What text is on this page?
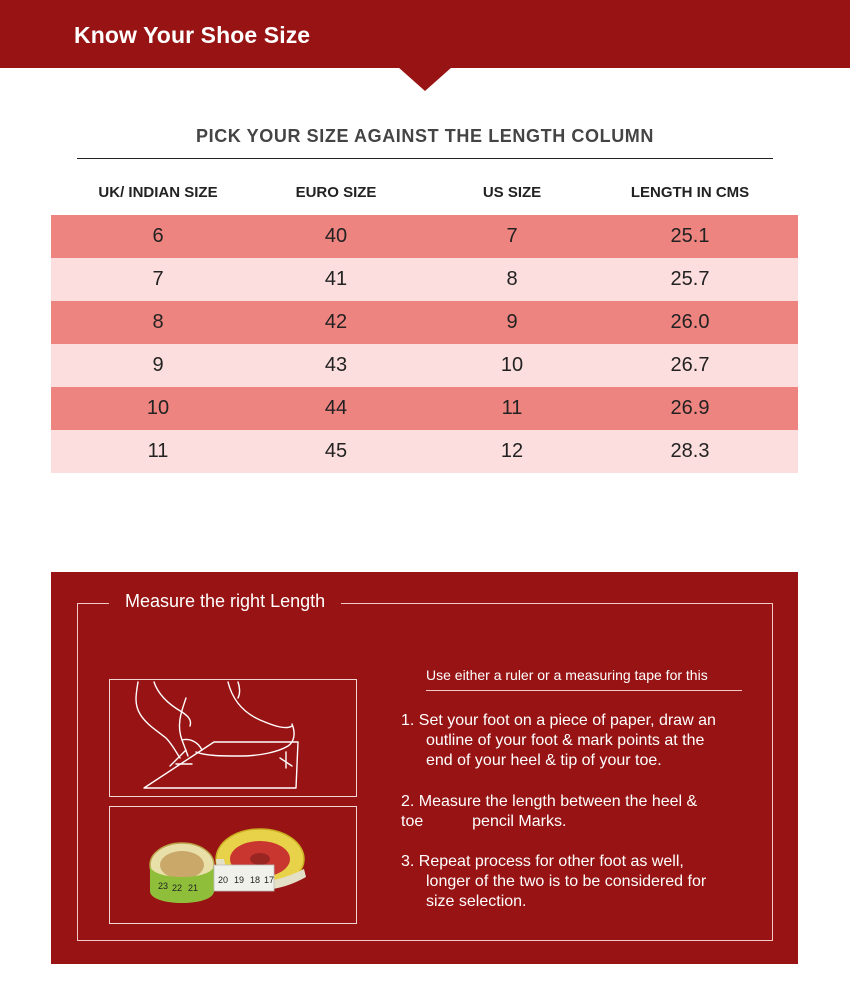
Know Your Shoe Size
PICK YOUR SIZE AGAINST THE LENGTH COLUMN
UK/ INDIAN SIZE	EURO SIZE	US SIZE	LENGTH IN CMS
6	40	7	25.1
7	41	8	25.7
8	42	9	26.0
9	43	10	26.7
10	44	11	26.9
11	45	12	28.3
Measure the right Length
23 22 21
20 19 18 17
Use either a ruler or a measuring tape for this
1. Set your foot on a piece of paper, draw an
outline of your foot & mark points at the
end of your heel & tip of your toe.
2. Measure the length between the heel &
toe           pencil Marks.
3. Repeat process for other foot as well,
longer of the two is to be considered for
size selection.
